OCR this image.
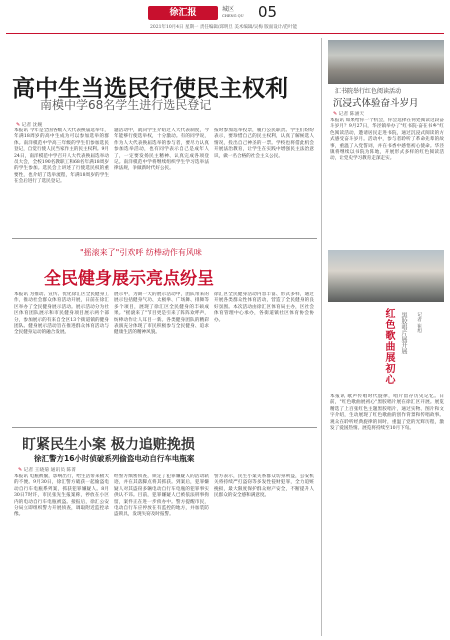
徐汇报	城区
CHENG QU 05
2021年10月4日 星期一 责任编辑/邱明旦 美术编辑/吴梅 版面设计/范叶能
高中生当选民行使民主权利
南模中学68名学生进行选民登记
✎ 记者 沈婉
本报讯 今年是全国各级人大代表换届选举年，年满18周岁的高中生成为可以参加选举的群体。南洋模范中学高三年级的学生们参加选民登记，自觉行使人民当家作主的民主权利。9月24日，南洋模范中学召开人大代表换届选举动员大会，全校190名教职工和68名年满18周岁的学生参加。选民会上讲述了行使选民权的重要性，也介绍了选举流程，年满18周岁的学生在会后进行了选民登记。
题活动中，就向学生介绍过人大代表制度，今年能够行使选举权，十分激动。有的同学说，作为人大代表换届选举的参与者，要尽力认真参加选举活动，也有同学表示自己是成年人了，一定要发扬民主精神、认真完成各项登记。南洋模范中学将继续组织学生学习选举法律法规，争做新时代好公民。
按时参加选举投票，履行公民职责。学生们纷纷表示，要珍惜自己的民主权利，认真了解候选人情况，投出自己神圣的一票。学校也将借此机会开展法治教育，让学生在实践中增强民主法治意识，做一名合格的社会主义公民。
"摇滚来了"引欢呼 纺棒动作有风味
全民健身展示亮点纷呈
本报讯 为推动、宣传、优化徐汇区全民健身工作，推动社会群众体育活动开展，日前在徐汇区举办了全民健身展示活动。展示活动分为社区体育团队展示和市民健身项目展示两个部分，参加展示的有来自全区13个街道镇的健身团队。健身展示活动旨在推进群众体育活动与全民健身运动的融合发展。
展示中，为期一天的展示活动中，团队带来的展示包括健身气功、太极拳、广场舞、排舞等多个项目，展现了徐汇区全民健身的丰硕成果。"摇滚来了"节目更是引来了阵阵欢呼声，纺棒动作让人耳目一新。各类健身团队的精彩表演充分体现了市民积极参与全民健身、追求健康生活的精神风貌。
徐汇区全民健身活动内容丰富、形式多样，通过开展各类群众性体育活动，营造了全民健身的良好氛围。本次活动由徐汇区体育局主办，区社会体育管理中心承办，各街道镇社区体育协会协办。
盯紧民生小案 极力追赃挽损
徐汇警方16小时侦破系列偷盗电动自行车电瓶案
✎ 记者 王晓菊 通讯员 陈菁
本报讯 电瓶被偷，影响出行，给生活带来极大的不便。9月30日，徐汇警方破获一起偷盗电动自行车电瓶系列案，抓获犯罪嫌疑人。8月30日7时许，市民张先生报案称，停放在小区内的电动自行车电瓶被盗。接报后，徐汇公安分局立即组织警力开展侦查，调取附近监控录像。
经警方缜密侦查，锁定了犯罪嫌疑人的活动轨迹，并在其落脚点将其抓获。到案后，犯罪嫌疑人对其盗窃多辆电动自行车电瓶的犯罪事实供认不讳。目前，犯罪嫌疑人已被依法刑事拘留，案件正在进一步侦办中。警方提醒市民，电动自行车应停放在有监控的地方，并加装防盗锁具，发现失窃及时报警。
警方表示，民生小案关系群众切身利益，公安机关将持续严打盗窃等多发性侵财犯罪，全力追赃挽损，最大限度保护群众财产安全，不断提升人民群众的安全感和满意度。
汇书院举行红色阅读活动
沉浸式体验奋斗岁月
✎ 记者 陈涵天
本报讯 如果给你一个机会，你会选择在何处阅读这段奋斗岁月？9月27日，华泾镇举办了"红书院·奋在书乡"红色阅读活动，邀请居民走进书院，通过沉浸式阅读的方式感受奋斗岁月。活动中，参与者聆听了革命先辈的故事，重温了入党誓词，并在书香中感悟初心使命。华泾镇将继续以书院为阵地，开展形式多样的红色阅读活动，让党史学习教育走深走实。
红色歌曲展初心	黑胶唱片展开展	记者 崔旭
本报讯 歌声传唱时代旋律，唱片留存历史记忆。日前，"红色歌曲展初心"黑胶唱片展在徐汇区开展。展览精选了上百张红色主题黑胶唱片，通过实物、图片和文字介绍，生动展现了红色歌曲的创作背景和传唱故事。观众在聆听经典旋律的同时，重温了党的光辉历程，激发了爱国热情。展览将持续至10月下旬。
